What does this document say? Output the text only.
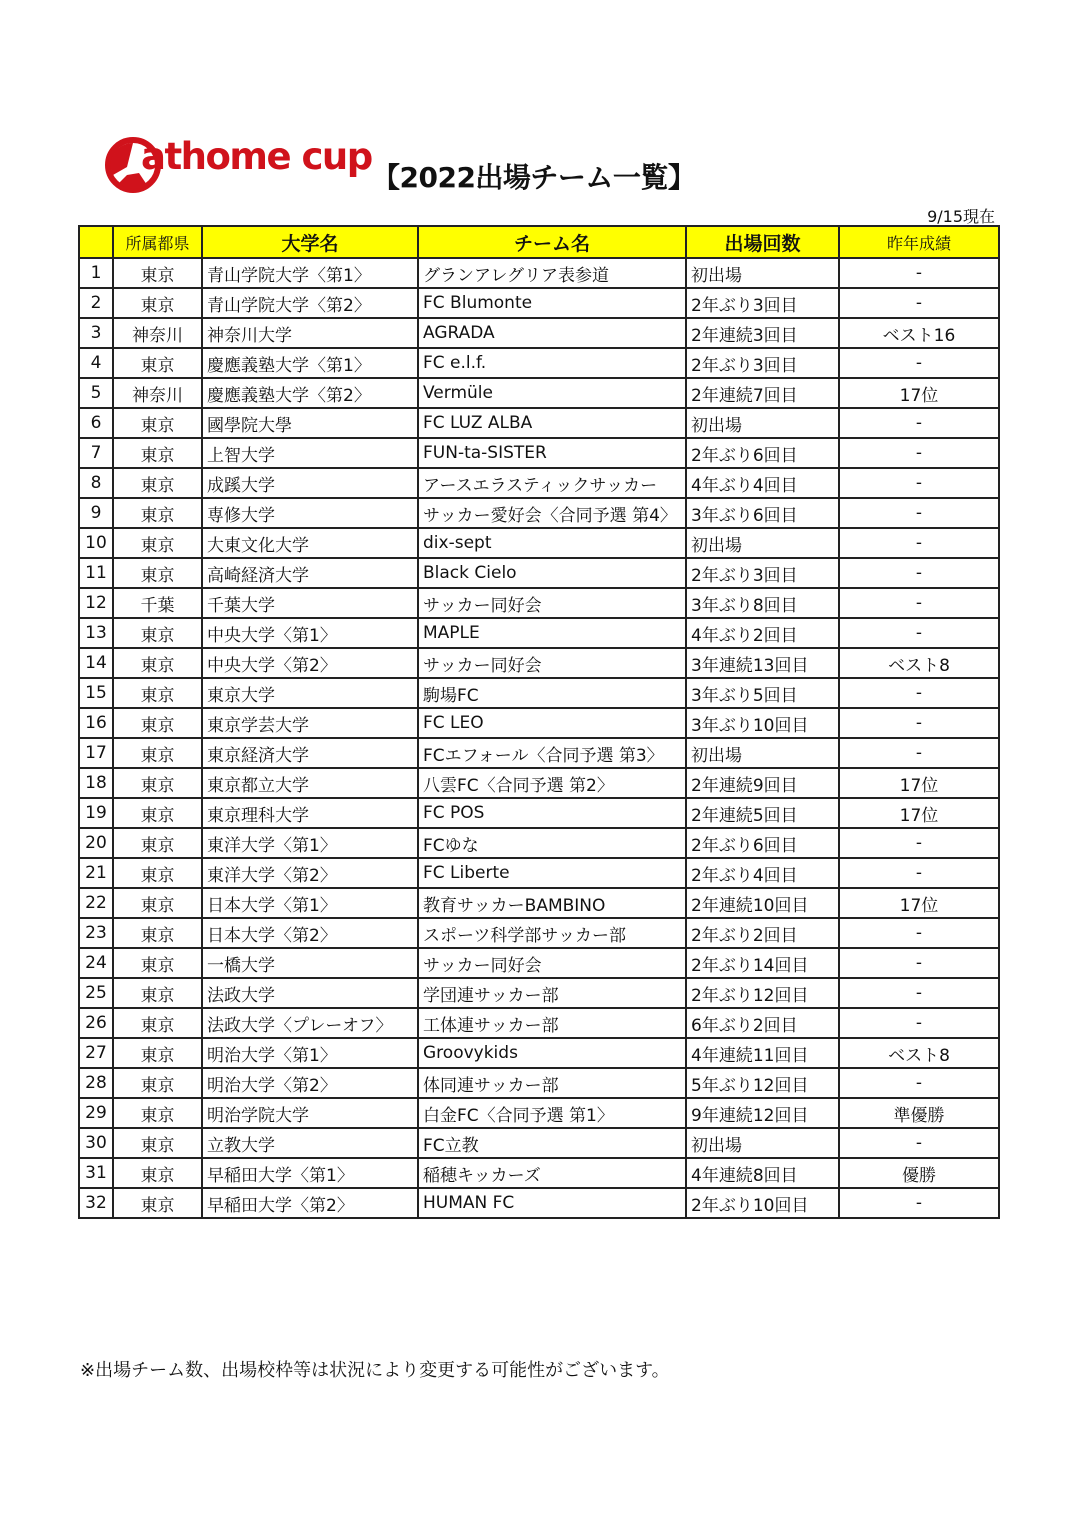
athome cup 【2022出場チーム一覧】
9/15現在
	所属都県	大学名	チーム名	出場回数	昨年成績
1	東京	青山学院大学〈第1〉	グランアレグリア表参道	初出場	-
2	東京	青山学院大学〈第2〉	FC Blumonte	2年ぶり3回目	-
3	神奈川	神奈川大学	AGRADA	2年連続3回目	ベスト16
4	東京	慶應義塾大学〈第1〉	FC e.l.f.	2年ぶり3回目	-
5	神奈川	慶應義塾大学〈第2〉	Vermüle	2年連続7回目	17位
6	東京	國學院大學	FC LUZ ALBA	初出場	-
7	東京	上智大学	FUN-ta-SISTER	2年ぶり6回目	-
8	東京	成蹊大学	アースエラスティックサッカー	4年ぶり4回目	-
9	東京	専修大学	サッカー愛好会〈合同予選 第4〉	3年ぶり6回目	-
10	東京	大東文化大学	dix-sept	初出場	-
11	東京	高崎経済大学	Black Cielo	2年ぶり3回目	-
12	千葉	千葉大学	サッカー同好会	3年ぶり8回目	-
13	東京	中央大学〈第1〉	MAPLE	4年ぶり2回目	-
14	東京	中央大学〈第2〉	サッカー同好会	3年連続13回目	ベスト8
15	東京	東京大学	駒場FC	3年ぶり5回目	-
16	東京	東京学芸大学	FC LEO	3年ぶり10回目	-
17	東京	東京経済大学	FCエフォール〈合同予選 第3〉	初出場	-
18	東京	東京都立大学	八雲FC〈合同予選 第2〉	2年連続9回目	17位
19	東京	東京理科大学	FC POS	2年連続5回目	17位
20	東京	東洋大学〈第1〉	FCゆな	2年ぶり6回目	-
21	東京	東洋大学〈第2〉	FC Liberte	2年ぶり4回目	-
22	東京	日本大学〈第1〉	教育サッカーBAMBINO	2年連続10回目	17位
23	東京	日本大学〈第2〉	スポーツ科学部サッカー部	2年ぶり2回目	-
24	東京	一橋大学	サッカー同好会	2年ぶり14回目	-
25	東京	法政大学	学団連サッカー部	2年ぶり12回目	-
26	東京	法政大学〈プレーオフ〉	工体連サッカー部	6年ぶり2回目	-
27	東京	明治大学〈第1〉	Groovykids	4年連続11回目	ベスト8
28	東京	明治大学〈第2〉	体同連サッカー部	5年ぶり12回目	-
29	東京	明治学院大学	白金FC〈合同予選 第1〉	9年連続12回目	準優勝
30	東京	立教大学	FC立教	初出場	-
31	東京	早稲田大学〈第1〉	稲穂キッカーズ	4年連続8回目	優勝
32	東京	早稲田大学〈第2〉	HUMAN FC	2年ぶり10回目	-
※出場チーム数、出場校枠等は状況により変更する可能性がございます。
